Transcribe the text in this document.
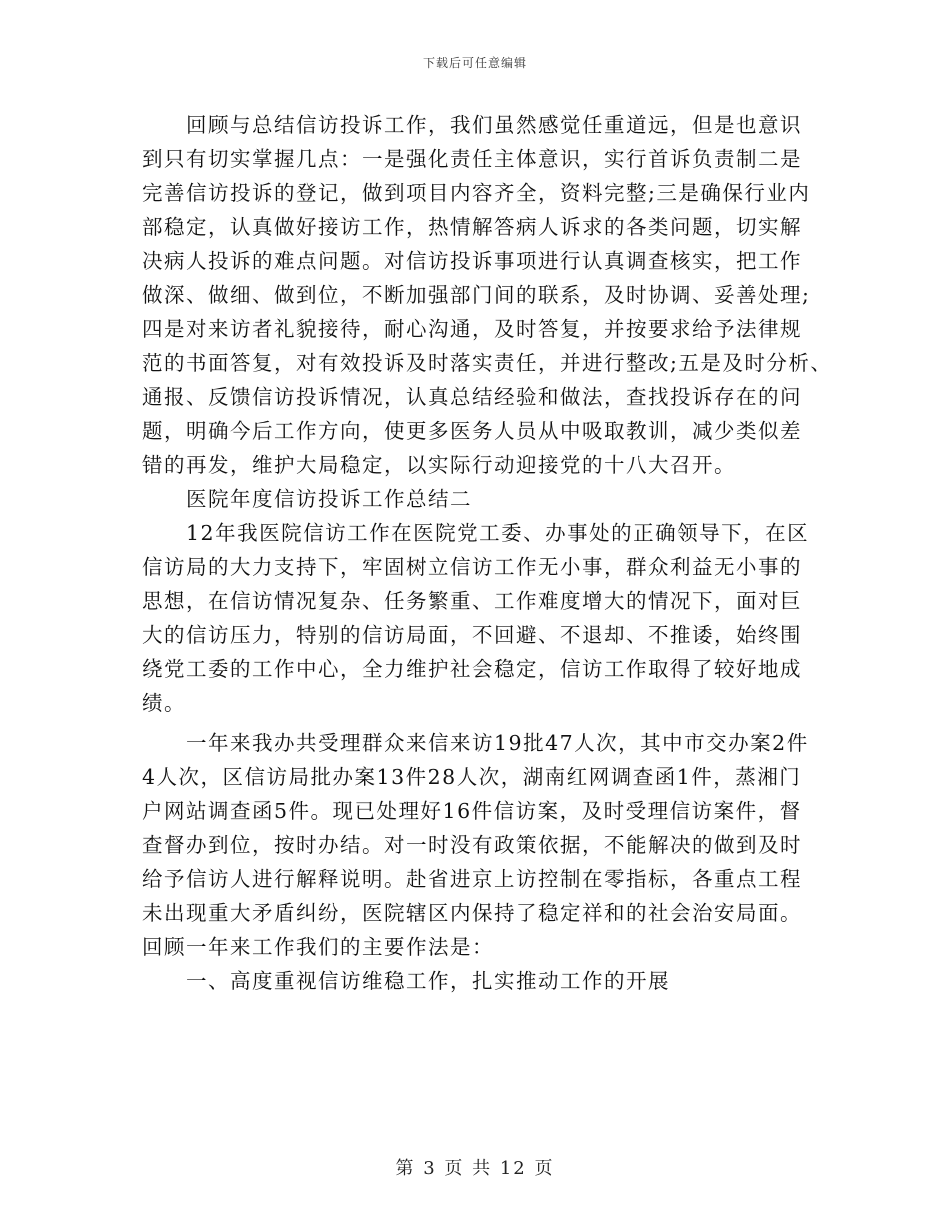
下载后可任意编辑
回顾与总结信访投诉工作，我们虽然感觉任重道远，但是也意识
到只有切实掌握几点：一是强化责任主体意识，实行首诉负责制二是
完善信访投诉的登记，做到项目内容齐全，资料完整;三是确保行业内
部稳定，认真做好接访工作，热情解答病人诉求的各类问题，切实解
决病人投诉的难点问题。对信访投诉事项进行认真调查核实，把工作
做深、做细、做到位，不断加强部门间的联系，及时协调、妥善处理;
四是对来访者礼貌接待，耐心沟通，及时答复，并按要求给予法律规
范的书面答复，对有效投诉及时落实责任，并进行整改;五是及时分析、
通报、反馈信访投诉情况，认真总结经验和做法，查找投诉存在的问
题，明确今后工作方向，使更多医务人员从中吸取教训，减少类似差
错的再发，维护大局稳定，以实际行动迎接党的十八大召开。
医院年度信访投诉工作总结二
12年我医院信访工作在医院党工委、办事处的正确领导下，在区
信访局的大力支持下，牢固树立信访工作无小事，群众利益无小事的
思想，在信访情况复杂、任务繁重、工作难度增大的情况下，面对巨
大的信访压力，特别的信访局面，不回避、不退却、不推诿，始终围
绕党工委的工作中心，全力维护社会稳定，信访工作取得了较好地成
绩。
一年来我办共受理群众来信来访19批47人次，其中市交办案2件
4人次，区信访局批办案13件28人次，湖南红网调查函1件，蒸湘门
户网站调查函5件。现已处理好16件信访案，及时受理信访案件，督
查督办到位，按时办结。对一时没有政策依据，不能解决的做到及时
给予信访人进行解释说明。赴省进京上访控制在零指标，各重点工程
未出现重大矛盾纠纷，医院辖区内保持了稳定祥和的社会治安局面。
回顾一年来工作我们的主要作法是：
一、高度重视信访维稳工作，扎实推动工作的开展
第 3 页 共 12 页
